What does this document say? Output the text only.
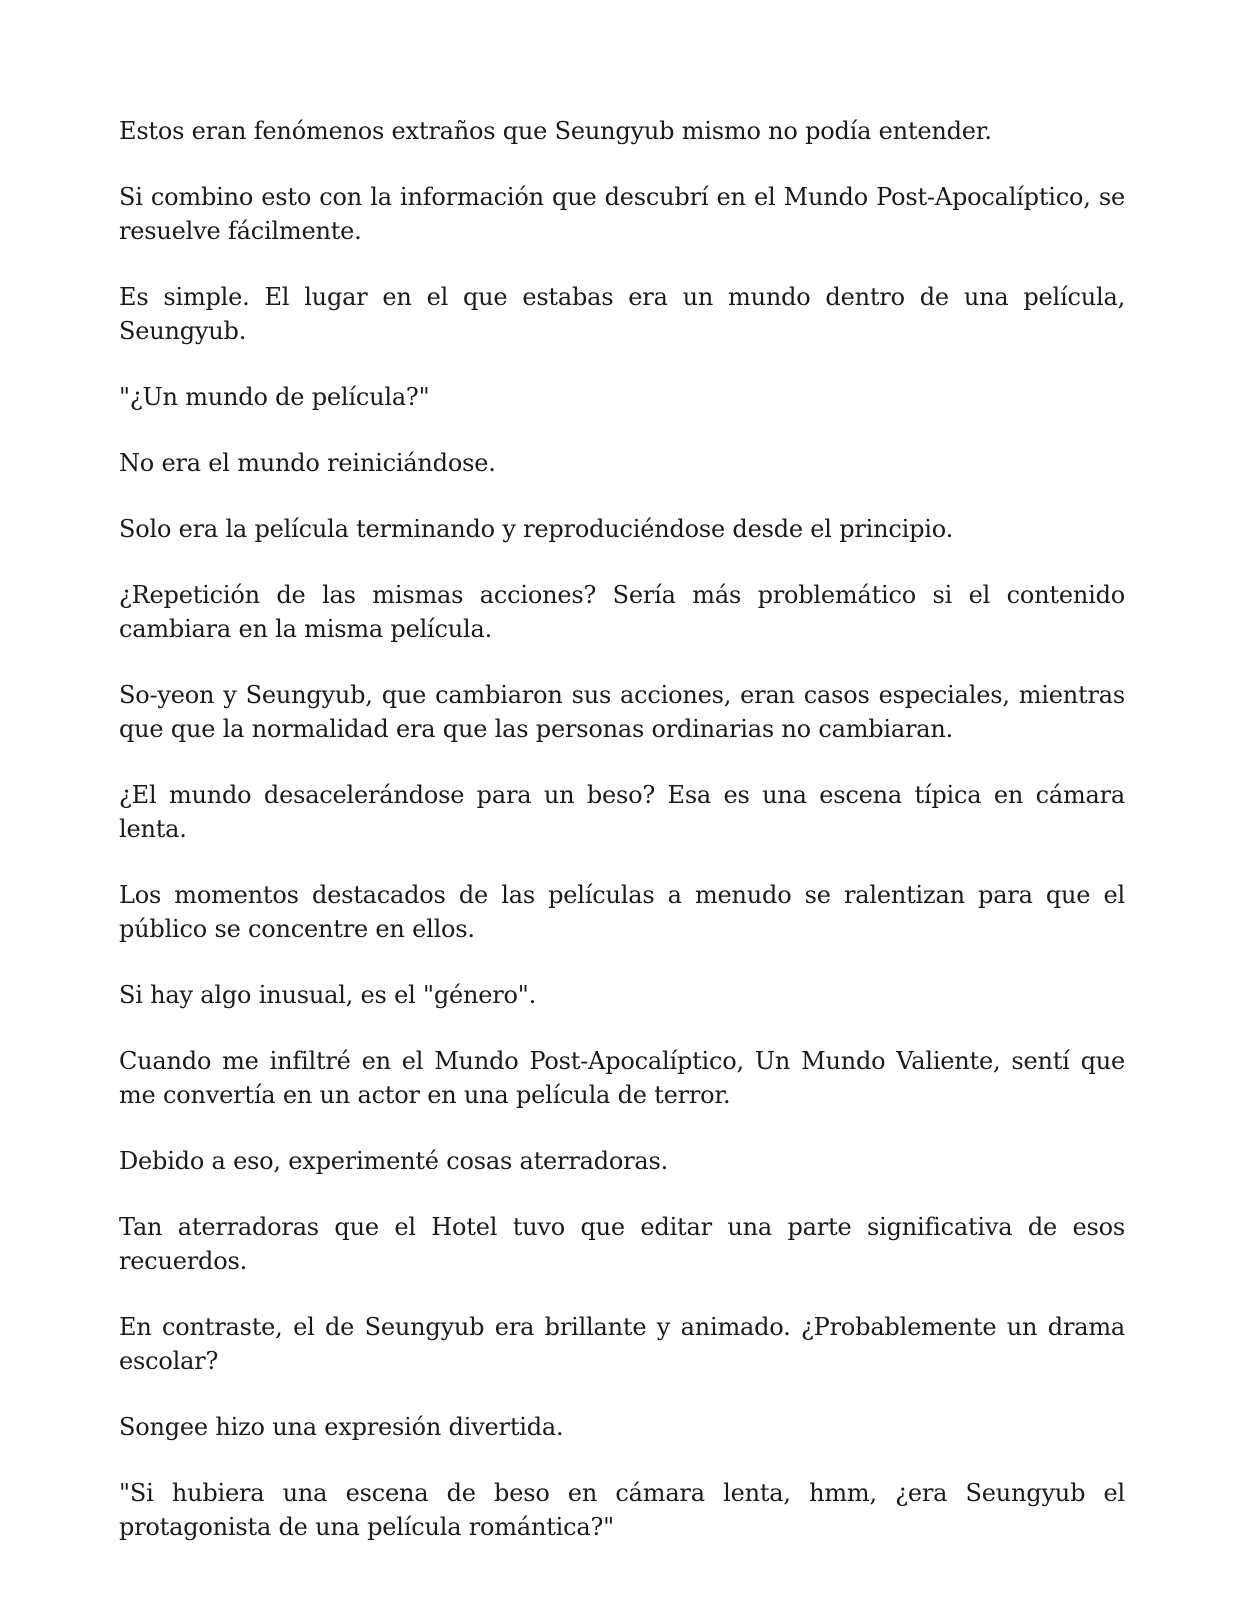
Estos eran fenómenos extraños que Seungyub mismo no podía entender.

Si combino esto con la información que descubrí en el Mundo Post-Apocalíptico, se resuelve fácilmente.

Es simple. El lugar en el que estabas era un mundo dentro de una película, Seungyub.

"¿Un mundo de película?"

No era el mundo reiniciándose.

Solo era la película terminando y reproduciéndose desde el principio.

¿Repetición de las mismas acciones? Sería más problemático si el contenido cambiara en la misma película.

So-yeon y Seungyub, que cambiaron sus acciones, eran casos especiales, mientras que que la normalidad era que las personas ordinarias no cambiaran.

¿El mundo desacelerándose para un beso? Esa es una escena típica en cámara lenta.

Los momentos destacados de las películas a menudo se ralentizan para que el público se concentre en ellos.

Si hay algo inusual, es el "género".

Cuando me infiltré en el Mundo Post-Apocalíptico, Un Mundo Valiente, sentí que me convertía en un actor en una película de terror.

Debido a eso, experimenté cosas aterradoras.

Tan aterradoras que el Hotel tuvo que editar una parte significativa de esos recuerdos.

En contraste, el de Seungyub era brillante y animado. ¿Probablemente un drama escolar?

Songee hizo una expresión divertida.

"Si hubiera una escena de beso en cámara lenta, hmm, ¿era Seungyub el protagonista de una película romántica?"
